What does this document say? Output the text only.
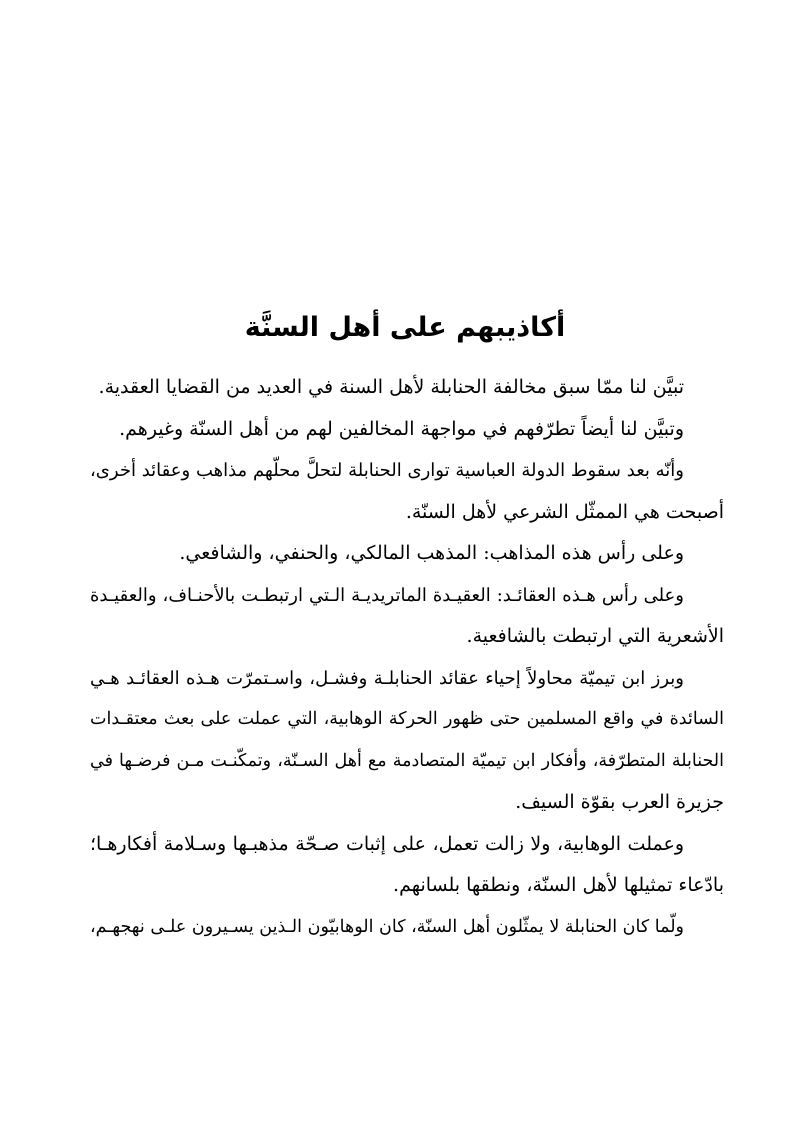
أكاذيبهم على أهل السنَّة
تبيَّن لنا ممّا سبق مخالفة الحنابلة لأهل السنة في العديد من القضايا العقدية.
وتبيَّن لنا أيضاً تطرّفهم في مواجهة المخالفين لهم من أهل السنّة وغيرهم.
وأنّه بعد سقوط الدولة العباسية توارى الحنابلة لتحلَّ محلّهم مذاهب وعقائد أخرى،
أصبحت هي الممثّل الشرعي لأهل السنّة.
وعلى رأس هذه المذاهب: المذهب المالكي، والحنفي، والشافعي.
وعلى رأس هـذه العقائـد: العقيـدة الماتريديـة الـتي ارتبطـت بالأحنـاف، والعقيـدة
الأشعرية التي ارتبطت بالشافعية.
وبرز ابن تيميّة محاولاً إحياء عقائد الحنابلـة وفشـل، واسـتمرّت هـذه العقائـد هـي
السائدة في واقع المسلمين حتى ظهور الحركة الوهابية، التي عملت على بعث معتقـدات
الحنابلة المتطرّفة، وأفكار ابن تيميّة المتصادمة مع أهل السـنّة، وتمكّنـت مـن فرضـها في
جزيرة العرب بقوّة السيف.
وعملت الوهابية، ولا زالت تعمل، على إثبات صـحّة مذهبـها وسـلامة أفكارهـا؛
بادّعاء تمثيلها لأهل السنّة، ونطقها بلسانهم.
ولّما كان الحنابلة لا يمثّلون أهل السنّة، كان الوهابيّون الـذين يسـيرون علـى نهجهـم،
